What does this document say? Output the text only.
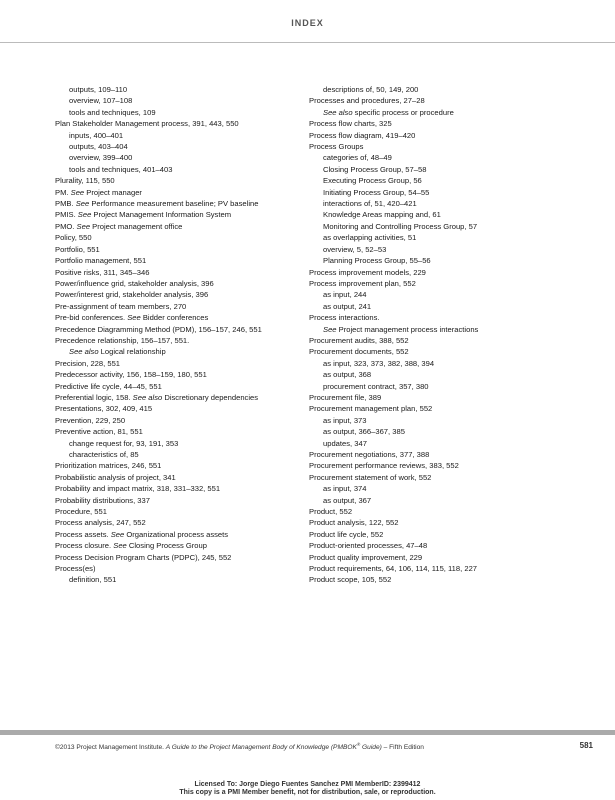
INDEX
outputs, 109–110
overview, 107–108
tools and techniques, 109
Plan Stakeholder Management process, 391, 443, 550
inputs, 400–401
outputs, 403–404
overview, 399–400
tools and techniques, 401–403
Plurality, 115, 550
PM. See Project manager
PMB. See Performance measurement baseline; PV baseline
PMIS. See Project Management Information System
PMO. See Project management office
Policy, 550
Portfolio, 551
Portfolio management, 551
Positive risks, 311, 345–346
Power/influence grid, stakeholder analysis, 396
Power/interest grid, stakeholder analysis, 396
Pre-assignment of team members, 270
Pre-bid conferences. See Bidder conferences
Precedence Diagramming Method (PDM), 156–157, 246, 551
Precedence relationship, 156–157, 551.
See also Logical relationship
Precision, 228, 551
Predecessor activity, 156, 158–159, 180, 551
Predictive life cycle, 44–45, 551
Preferential logic, 158. See also Discretionary dependencies
Presentations, 302, 409, 415
Prevention, 229, 250
Preventive action, 81, 551
change request for, 93, 191, 353
characteristics of, 85
Prioritization matrices, 246, 551
Probabilistic analysis of project, 341
Probability and impact matrix, 318, 331–332, 551
Probability distributions, 337
Procedure, 551
Process analysis, 247, 552
Process assets. See Organizational process assets
Process closure. See Closing Process Group
Process Decision Program Charts (PDPC), 245, 552
Process(es)
definition, 551
descriptions of, 50, 149, 200
Processes and procedures, 27–28
See also specific process or procedure
Process flow charts, 325
Process flow diagram, 419–420
Process Groups
categories of, 48–49
Closing Process Group, 57–58
Executing Process Group, 56
Initiating Process Group, 54–55
interactions of, 51, 420–421
Knowledge Areas mapping and, 61
Monitoring and Controlling Process Group, 57
as overlapping activities, 51
overview, 5, 52–53
Planning Process Group, 55–56
Process improvement models, 229
Process improvement plan, 552
as input, 244
as output, 241
Process interactions.
See Project management process interactions
Procurement audits, 388, 552
Procurement documents, 552
as input, 323, 373, 382, 388, 394
as output, 368
procurement contract, 357, 380
Procurement file, 389
Procurement management plan, 552
as input, 373
as output, 366–367, 385
updates, 347
Procurement negotiations, 377, 388
Procurement performance reviews, 383, 552
Procurement statement of work, 552
as input, 374
as output, 367
Product, 552
Product analysis, 122, 552
Product life cycle, 552
Product-oriented processes, 47–48
Product quality improvement, 229
Product requirements, 64, 106, 114, 115, 118, 227
Product scope, 105, 552
©2013 Project Management Institute. A Guide to the Project Management Body of Knowledge (PMBOK® Guide) – Fifth Edition	581
Licensed To: Jorge Diego Fuentes Sanchez PMI MemberID: 2399412
This copy is a PMI Member benefit, not for distribution, sale, or reproduction.
